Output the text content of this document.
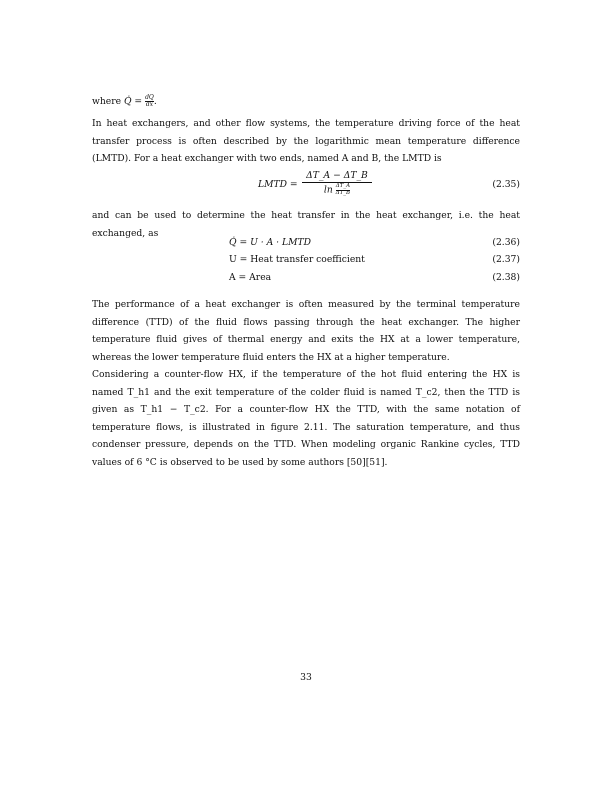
where Q̇ = $\frac{dQ}{dx}$ .

In heat exchangers, and other flow systems, the temperature driving force of the heat transfer process is often described by the logarithmic mean temperature difference (LMTD). For a heat exchanger with two ends, named A and B, the LMTD is

LMTD =
ΔT_A − ΔT_B
$\ln \frac{\Delta T\_A}{\Delta T\_B}$	(2.35)

and can be used to determine the heat transfer in the heat exchanger, i.e. the heat exchanged, as

Q̇ = U · A · LMTD	(2.36)
U = Heat transfer coefficient	(2.37)
A = Area	(2.38)

The performance of a heat exchanger is often measured by the terminal temperature difference (TTD) of the fluid flows passing through the heat exchanger. The higher temperature fluid gives of thermal energy and exits the HX at a lower temperature, whereas the lower temperature fluid enters the HX at a higher temperature.

Considering a counter-flow HX, if the temperature of the hot fluid entering the HX is named T_h1 and the exit temperature of the colder fluid is named T_c2, then the TTD is given as T_h1 − T_c2. For a counter-flow HX the TTD, with the same notation of temperature flows, is illustrated in figure 2.11. The saturation temperature, and thus condenser pressure, depends on the TTD. When modeling organic Rankine cycles, TTD values of 6 °C is observed to be used by some authors [50][51].

33
